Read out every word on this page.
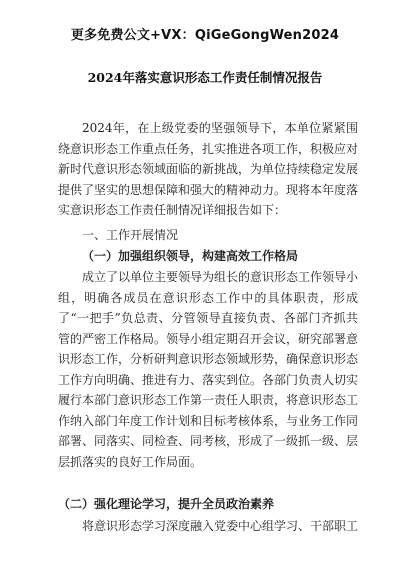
更多免费公文+VX：QiGeGongWen2024
2024年落实意识形态工作责任制情况报告

2024年，在上级党委的坚强领导下，本单位紧紧围绕意识形态工作重点任务，扎实推进各项工作，积极应对新时代意识形态领域面临的新挑战，为单位持续稳定发展提供了坚实的思想保障和强大的精神动力。现将本年度落实意识形态工作责任制情况详细报告如下：

一、工作开展情况

（一）加强组织领导，构建高效工作格局

成立了以单位主要领导为组长的意识形态工作领导小组，明确各成员在意识形态工作中的具体职责，形成了“一把手”负总责、分管领导直接负责、各部门齐抓共管的严密工作格局。领导小组定期召开会议，研究部署意识形态工作，分析研判意识形态领域形势，确保意识形态工作方向明确、推进有力、落实到位。各部门负责人切实履行本部门意识形态工作第一责任人职责，将意识形态工作纳入部门年度工作计划和目标考核体系，与业务工作同部署、同落实、同检查、同考核，形成了一级抓一级、层层抓落实的良好工作局面。

（二）强化理论学习，提升全员政治素养

将意识形态学习深度融入党委中心组学习、干部职工
